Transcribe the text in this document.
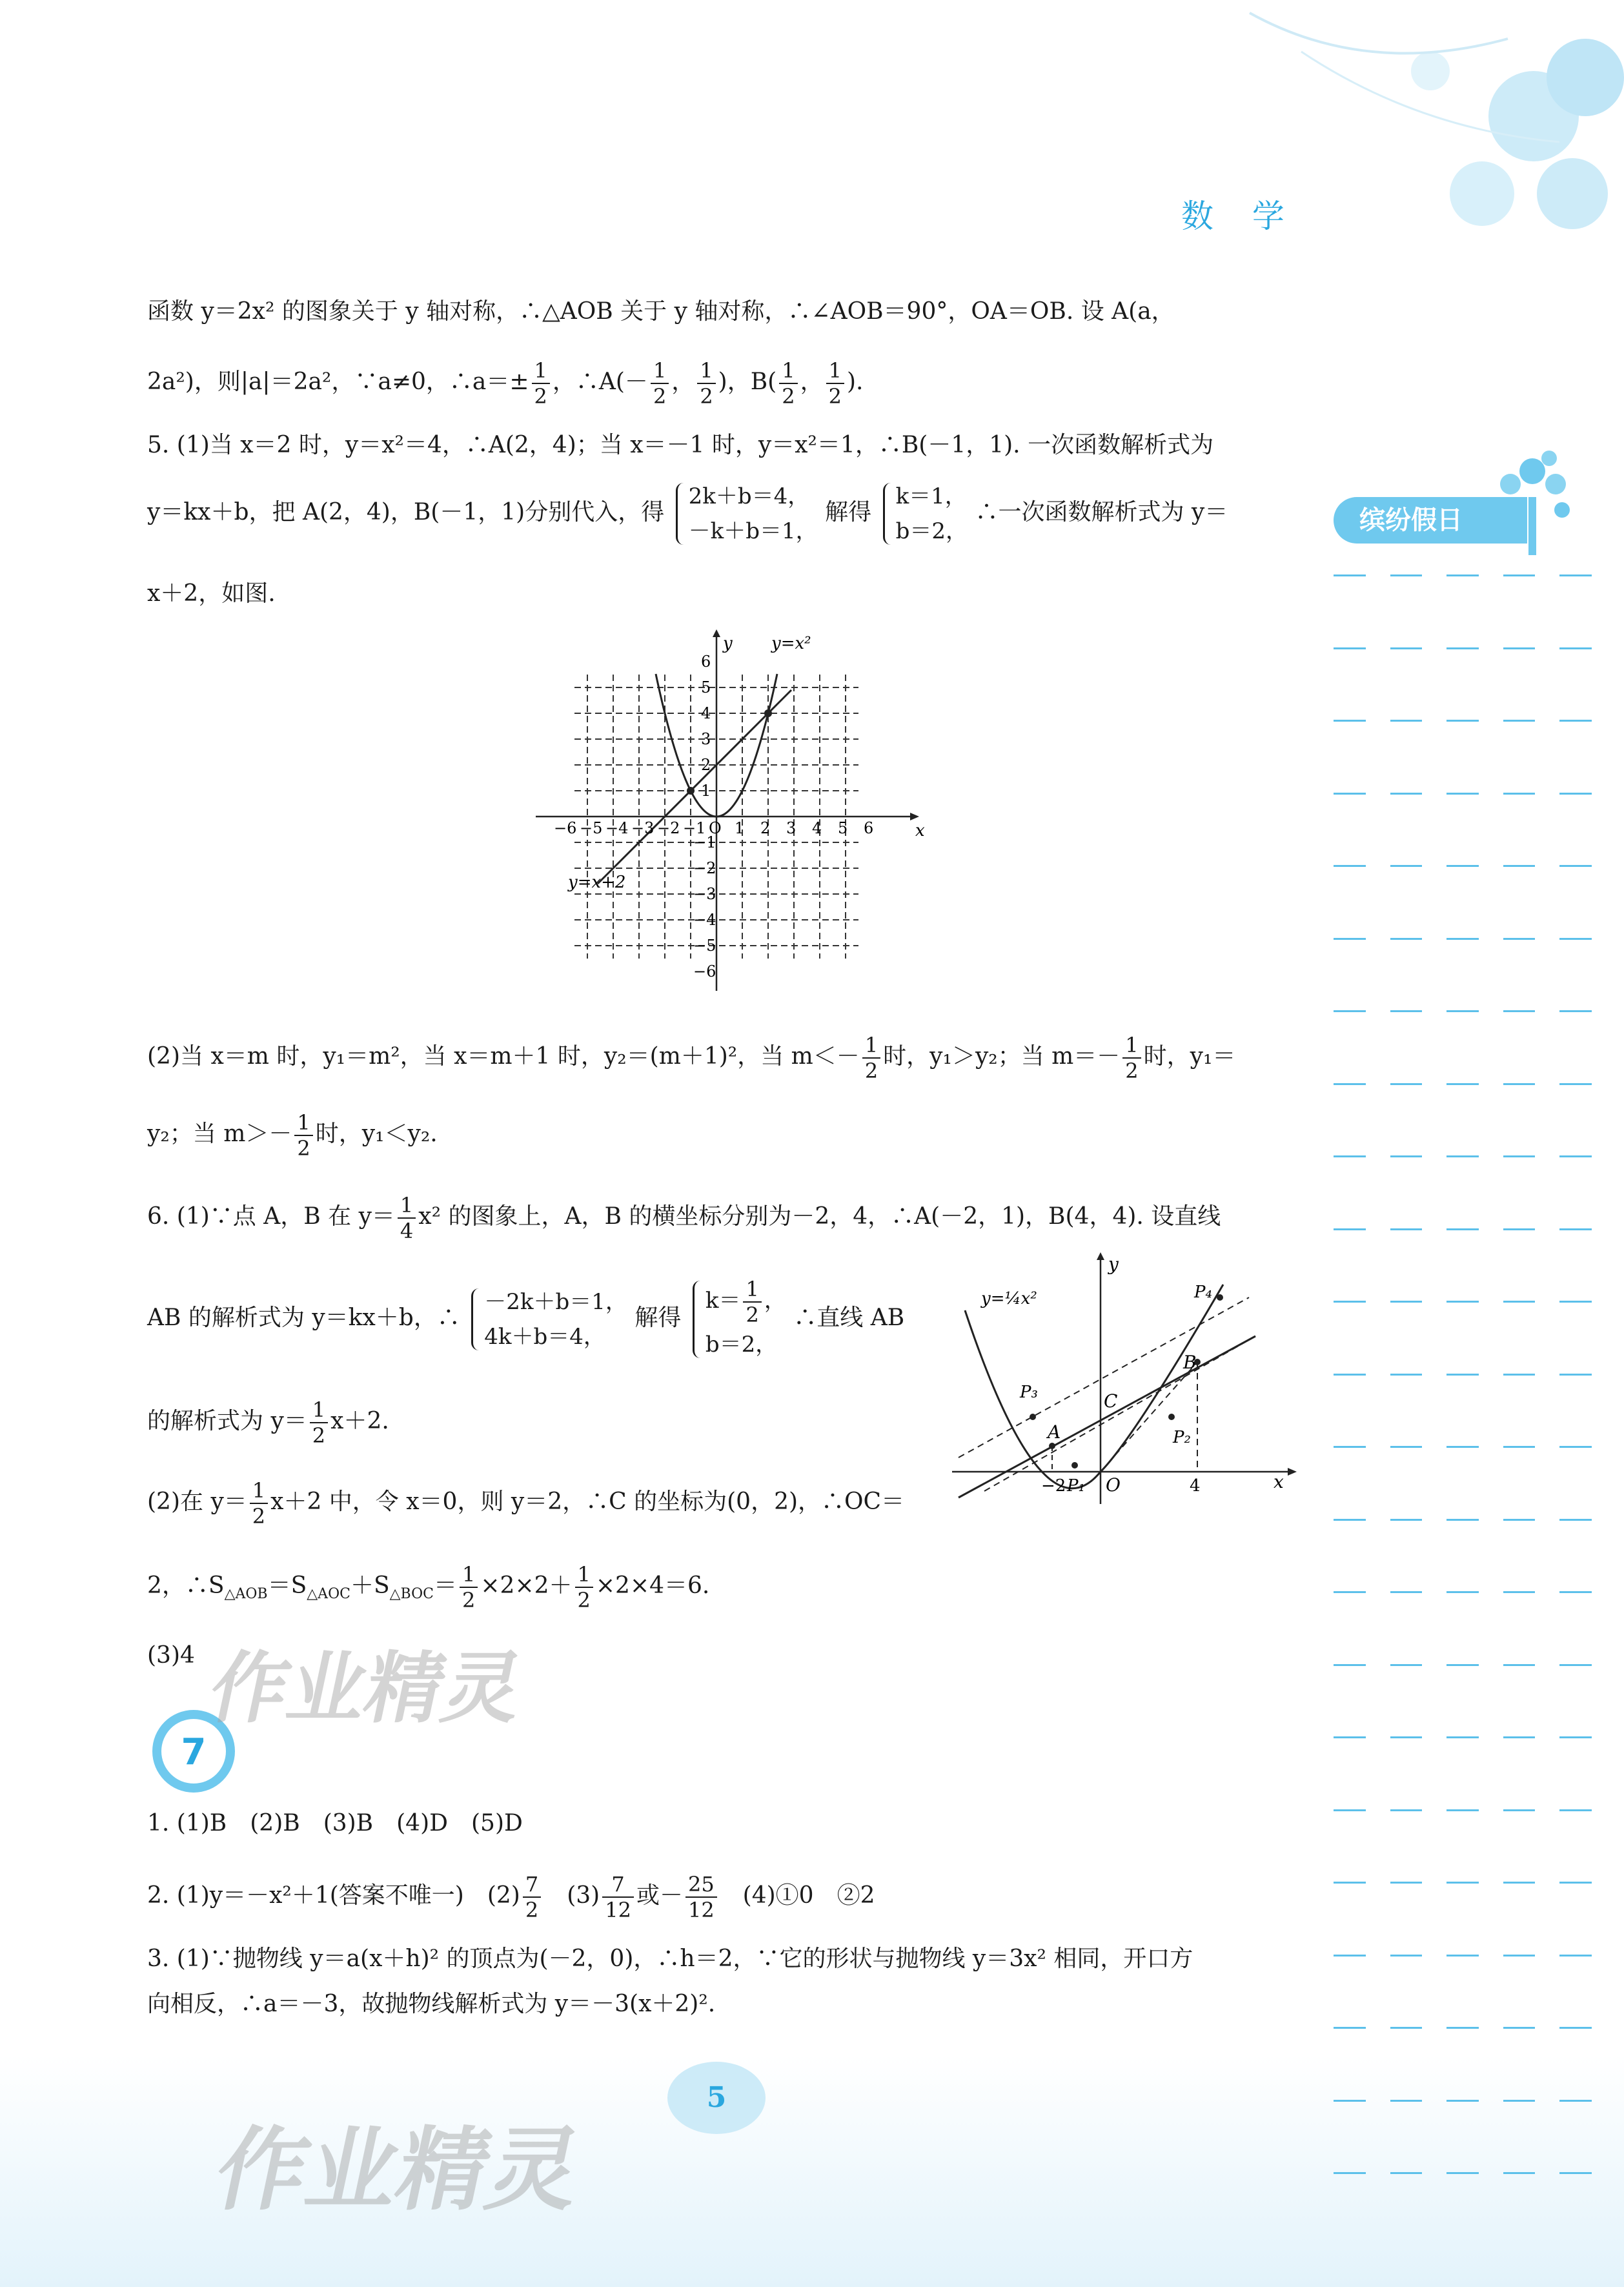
数 学
缤纷假日
函数 y＝2x² 的图象关于 y 轴对称，∴△AOB 关于 y 轴对称，∴∠AOB＝90°，OA＝OB. 设 A(a，
2a²)，则|a|＝2a²，∵a≠0，∴a＝± $\frac{1}{2}$ ，∴A(－ $\frac{1}{2}$ ， $\frac{1}{2}$ )，$B( \frac{1}{2}$ ， $\frac{1}{2}$ ).
5. (1)当 x＝2 时，y＝x²＝4，∴A(2，4)；当 x＝－1 时，y＝x²＝1，∴B(－1，1). 一次函数解析式为
y＝kx＋b，把 A(2，4)，B(－1，1)分别代入，得
2k＋b＝4，
－k＋b＝1，
解得
k＝1，
b＝2，
∴一次函数解析式为 y＝
x＋2，如图.
y
x
y=x²
y=x+2
−6 −5 −4 −3 −2 −1 O 1 2 3 4 5 6
6
5
4
3
2
1
−1
−2
−3
−4
−5
−6
(2)当 x＝m 时，y₁＝m²，当 x＝m＋1 时，y₂＝(m＋1)²，当 $m<- \frac{1}{2}$ 时，y₁＞y₂；当 $m=- \frac{1}{2}$ 时，y₁＝
y₂；当 $m>- \frac{1}{2}$ 时，y₁＜y₂.
6. (1)∵点 A，B 在 $y= \frac{1}{4} x^2$ 的图象上，A，B 的横坐标分别为－2，4，∴A(－2，1)，B(4，4). 设直线
AB 的解析式为 y＝kx＋b，∴
－2k＋b＝1，
4k＋b＝4，
解得
$k= \frac{1}{2}$ ，
b＝2，
∴直线 AB
的解析式为 $y= \frac{1}{2} x+2$.
(2)在 $y= \frac{1}{2} x+2$ 中，令 x＝0，则 y＝2，∴C 的坐标为(0，2)，∴OC＝
2，$\therefore S_{\triangle AOB}=S_{\triangle AOC}+S_{\triangle BOC}= \frac{1}{2} \times 2\times 2+ \frac{1}{2} \times 2\times 4=6$.
(3)4
y=¼x²
y
x
A
B
C
O
P₁
P₂
P₃
P₄
−2	4
7
1. (1)B　(2)B　(3)B　(4)D　(5)D
2. (1)y＝－x²＋1(答案不唯一)　$(2) \frac{7}{2}$ 　$(3) \frac{7}{12}$ 或－ $\frac{25}{12}$ 　(4)①0　②2
3. (1)∵抛物线 y＝a(x＋h)² 的顶点为(－2，0)，∴h＝2，∵它的形状与抛物线 y＝3x² 相同，开口方
向相反，∴a＝－3，故抛物线解析式为 y＝－3(x＋2)².
5
作业精灵
作业精灵
